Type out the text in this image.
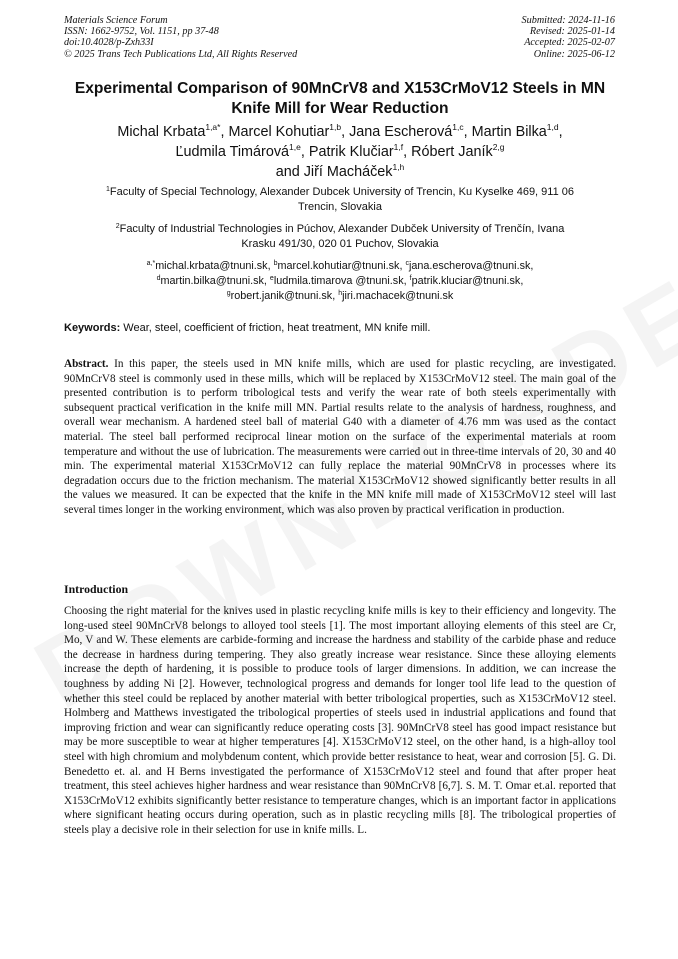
Materials Science Forum
ISSN: 1662-9752, Vol. 1151, pp 37-48
doi:10.4028/p-Zxh33I
© 2025 Trans Tech Publications Ltd, All Rights Reserved
Submitted: 2024-11-16
Revised: 2025-01-14
Accepted: 2025-02-07
Online: 2025-06-12
Experimental Comparison of 90MnCrV8 and X153CrMoV12 Steels in MN
Knife Mill for Wear Reduction
Michal Krbata$^{1,a*}$, Marcel Kohutiar$^{1,b}$, Jana Escherová$^{1,c}$, Martin Bilka$^{1,d}$,
Ľudmila Timárová$^{1,e}$, Patrik Klučiar$^{1,f}$, Róbert Janík$^{2,g}$
and Jiří Macháček$^{1,h}$
$^1$Faculty of Special Technology, Alexander Dubcek University of Trencin, Ku Kyselke 469, 911 06
Trencin, Slovakia
$^2$Faculty of Industrial Technologies in Púchov, Alexander Dubček University of Trenčín, Ivana
Krasku 491/30, 020 01 Puchov, Slovakia
$^{a,*}$michal.krbata@tnuni.sk, $^b$marcel.kohutiar@tnuni.sk, $^c$jana.escherova@tnuni.sk,
$^d$martin.bilka@tnuni.sk, $^e$ludmila.timarova @tnuni.sk, $^f$patrik.kluciar@tnuni.sk,
$^g$robert.janik@tnuni.sk, $^h$jiri.machacek@tnuni.sk
Keywords: Wear, steel, coefficient of friction, heat treatment, MN knife mill.
Abstract. In this paper, the steels used in MN knife mills, which are used for plastic recycling, are investigated. 90MnCrV8 steel is commonly used in these mills, which will be replaced by X153CrMoV12 steel. The main goal of the presented contribution is to perform tribological tests and verify the wear rate of both steels experimentally with subsequent practical verification in the knife mill MN. Partial results relate to the analysis of hardness, roughness, and overall wear mechanism. A hardened steel ball of material G40 with a diameter of 4.76 mm was used as the contact material. The steel ball performed reciprocal linear motion on the surface of the experimental materials at room temperature and without the use of lubrication. The measurements were carried out in three-time intervals of 20, 30 and 40 min. The experimental material X153CrMoV12 can fully replace the material 90MnCrV8 in processes where its degradation occurs due to the friction mechanism. The material X153CrMoV12 showed significantly better results in all the values we measured. It can be expected that the knife in the MN knife mill made of X153CrMoV12 steel will last several times longer in the working environment, which was also proven by practical verification in production.
Introduction
Choosing the right material for the knives used in plastic recycling knife mills is key to their efficiency and longevity. The long-used steel 90MnCrV8 belongs to alloyed tool steels [1]. The most important alloying elements of this steel are Cr, Mo, V and W. These elements are carbide-forming and increase the hardness and stability of the carbide phase and reduce the decrease in hardness during tempering. They also greatly increase wear resistance. Since these alloying elements increase the depth of hardening, it is possible to produce tools of larger dimensions. In addition, we can increase the toughness by adding Ni [2]. However, technological progress and demands for longer tool life lead to the question of whether this steel could be replaced by another material with better tribological properties, such as X153CrMoV12 steel. Holmberg and Matthews investigated the tribological properties of steels used in industrial applications and found that improving friction and wear can significantly reduce operating costs [3]. 90MnCrV8 steel has good impact resistance but may be more susceptible to wear at higher temperatures [4]. X153CrMoV12 steel, on the other hand, is a high-alloy tool steel with high chromium and molybdenum content, which provide better resistance to heat, wear and corrosion [5]. G. Di. Benedetto et. al. and H Berns investigated the performance of X153CrMoV12 steel and found that after proper heat treatment, this steel achieves higher hardness and wear resistance than 90MnCrV8 [6,7]. S. M. T. Omar et.al. reported that X153CrMoV12 exhibits significantly better resistance to temperature changes, which is an important factor in applications where significant heating occurs during operation, such as in plastic recycling mills [8]. The tribological properties of steels play a decisive role in their selection for use in knife mills. L.
